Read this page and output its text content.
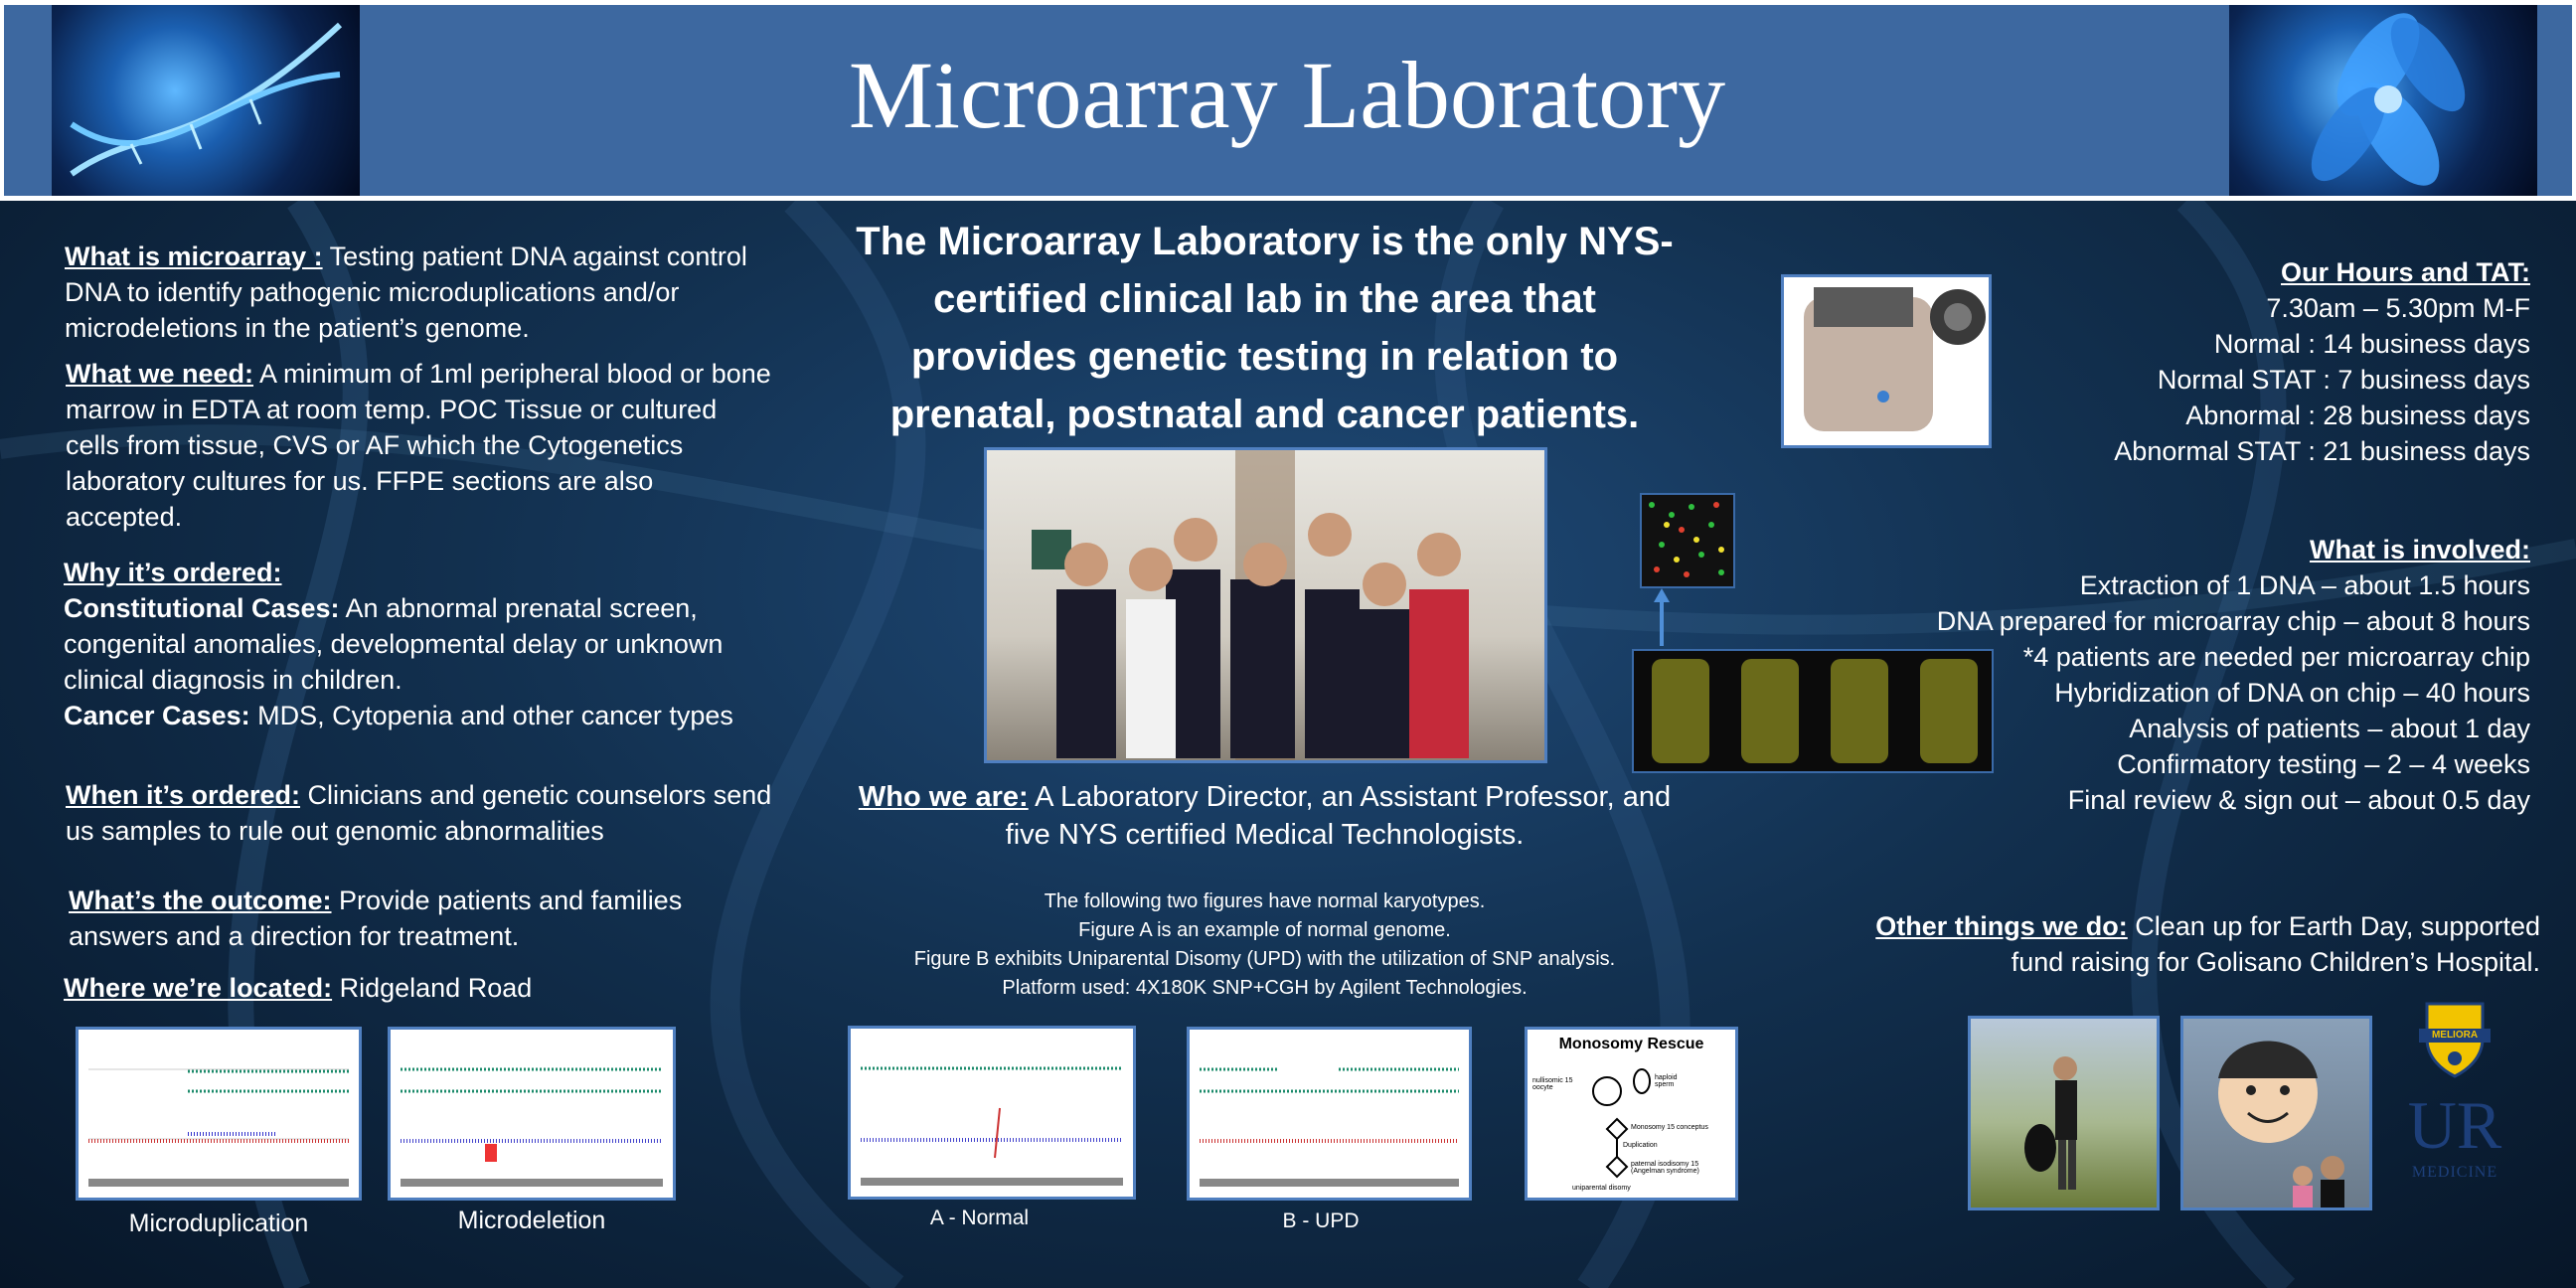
Microarray Laboratory
What is microarray : Testing patient DNA against control DNA to identify pathogenic microduplications and/or microdeletions in the patient’s genome.
What we need: A minimum of 1ml peripheral blood or bone marrow in EDTA at room temp. POC Tissue or cultured cells from tissue, CVS or AF which the Cytogenetics laboratory cultures for us. FFPE sections are also accepted.
Why it’s ordered:
Constitutional Cases: An abnormal prenatal screen, congenital anomalies, developmental delay or unknown clinical diagnosis in children.
Cancer Cases: MDS, Cytopenia and other cancer types
When it’s ordered: Clinicians and genetic counselors send us samples to rule out genomic abnormalities
What’s the outcome: Provide patients and families answers and a direction for treatment.
Where we’re located: Ridgeland Road
Microduplication	Microdeletion
The Microarray Laboratory is the only NYS-certified clinical lab in the area that provides genetic testing in relation to prenatal, postnatal and cancer patients.
Who we are: A Laboratory Director, an Assistant Professor, and five NYS certified Medical Technologists.
The following two figures have normal karyotypes.
Figure A is an example of normal genome.
Figure B exhibits Uniparental Disomy (UPD) with the utilization of SNP analysis.
Platform used: 4X180K SNP+CGH by Agilent Technologies.
Monosomy Rescue
nullisomic 15 oocyte
haploid sperm
Monosomy 15 conceptus
Duplication
paternal isodisomy 15 (Angelman syndrome)
uniparental disomy
A - Normal	B - UPD
Our Hours and TAT:
7.30am – 5.30pm M-F
Normal : 14 business days
Normal STAT : 7 business days
Abnormal : 28 business days
Abnormal STAT : 21 business days
What is involved:
Extraction of 1 DNA – about 1.5 hours
DNA prepared for microarray chip – about 8 hours
*4 patients are needed per microarray chip
Hybridization of DNA on chip – 40 hours
Analysis of patients – about 1 day
Confirmatory testing – 2 – 4 weeks
Final review & sign out – about 0.5 day
Other things we do: Clean up for Earth Day, supported fund raising for Golisano Children’s Hospital.
MELIORA
UR
MEDICINE
